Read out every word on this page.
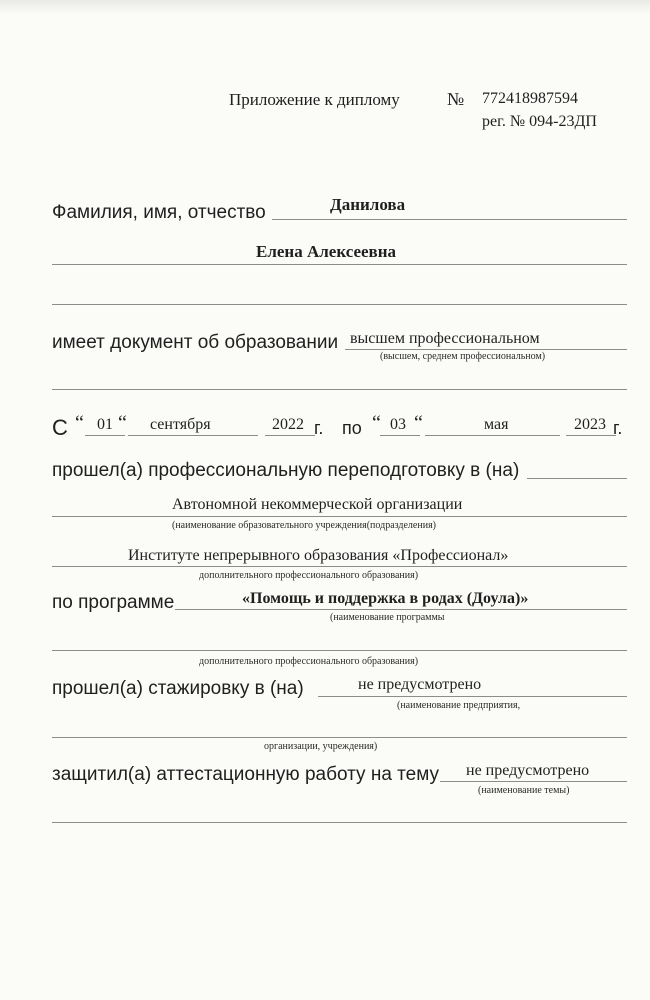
Приложение к диплому	№ 772418987594
рег. № 094-23ДП
Фамилия, имя, отчество	Данилова
Елена Алексеевна
имеет документ об образовании высшем профессиональном
(высшем, среднем профессиональном)
С “ 01 “ сентября	2022 г. по “ 03 “	мая	2023 г.
прошел(а) профессиональную переподготовку в (на)
Автономной некоммерческой организации
(наименование образовательного учреждения(подразделения)
Институте непрерывного образования «Профессионал»
дополнительного профессионального образования)
по программе	«Помощь и поддержка в родах (Доула)»
(наименование программы
дополнительного профессионального образования)
прошел(а) стажировку в (на)	не предусмотрено
(наименование предприятия,
организации, учреждения)
защитил(а) аттестационную работу на тему не предусмотрено
(наименование темы)
